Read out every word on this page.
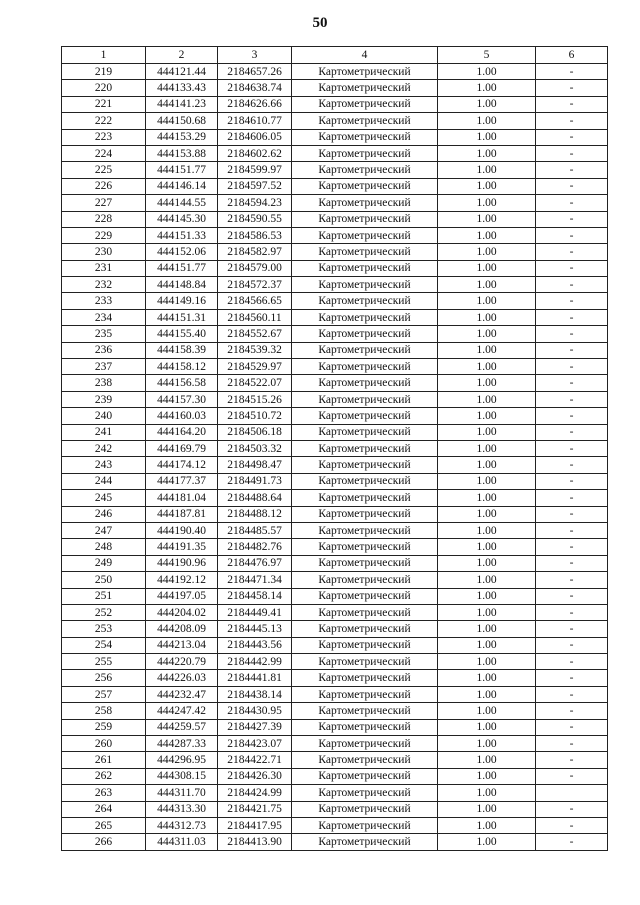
50
1	2	3	4	5	6
219	444121.44	2184657.26	Картометрический	1.00	-
220	444133.43	2184638.74	Картометрический	1.00	-
221	444141.23	2184626.66	Картометрический	1.00	-
222	444150.68	2184610.77	Картометрический	1.00	-
223	444153.29	2184606.05	Картометрический	1.00	-
224	444153.88	2184602.62	Картометрический	1.00	-
225	444151.77	2184599.97	Картометрический	1.00	-
226	444146.14	2184597.52	Картометрический	1.00	-
227	444144.55	2184594.23	Картометрический	1.00	-
228	444145.30	2184590.55	Картометрический	1.00	-
229	444151.33	2184586.53	Картометрический	1.00	-
230	444152.06	2184582.97	Картометрический	1.00	-
231	444151.77	2184579.00	Картометрический	1.00	-
232	444148.84	2184572.37	Картометрический	1.00	-
233	444149.16	2184566.65	Картометрический	1.00	-
234	444151.31	2184560.11	Картометрический	1.00	-
235	444155.40	2184552.67	Картометрический	1.00	-
236	444158.39	2184539.32	Картометрический	1.00	-
237	444158.12	2184529.97	Картометрический	1.00	-
238	444156.58	2184522.07	Картометрический	1.00	-
239	444157.30	2184515.26	Картометрический	1.00	-
240	444160.03	2184510.72	Картометрический	1.00	-
241	444164.20	2184506.18	Картометрический	1.00	-
242	444169.79	2184503.32	Картометрический	1.00	-
243	444174.12	2184498.47	Картометрический	1.00	-
244	444177.37	2184491.73	Картометрический	1.00	-
245	444181.04	2184488.64	Картометрический	1.00	-
246	444187.81	2184488.12	Картометрический	1.00	-
247	444190.40	2184485.57	Картометрический	1.00	-
248	444191.35	2184482.76	Картометрический	1.00	-
249	444190.96	2184476.97	Картометрический	1.00	-
250	444192.12	2184471.34	Картометрический	1.00	-
251	444197.05	2184458.14	Картометрический	1.00	-
252	444204.02	2184449.41	Картометрический	1.00	-
253	444208.09	2184445.13	Картометрический	1.00	-
254	444213.04	2184443.56	Картометрический	1.00	-
255	444220.79	2184442.99	Картометрический	1.00	-
256	444226.03	2184441.81	Картометрический	1.00	-
257	444232.47	2184438.14	Картометрический	1.00	-
258	444247.42	2184430.95	Картометрический	1.00	-
259	444259.57	2184427.39	Картометрический	1.00	-
260	444287.33	2184423.07	Картометрический	1.00	-
261	444296.95	2184422.71	Картометрический	1.00	-
262	444308.15	2184426.30	Картометрический	1.00	-
263	444311.70	2184424.99	Картометрический	1.00	
264	444313.30	2184421.75	Картометрический	1.00	-
265	444312.73	2184417.95	Картометрический	1.00	-
266	444311.03	2184413.90	Картометрический	1.00	-
